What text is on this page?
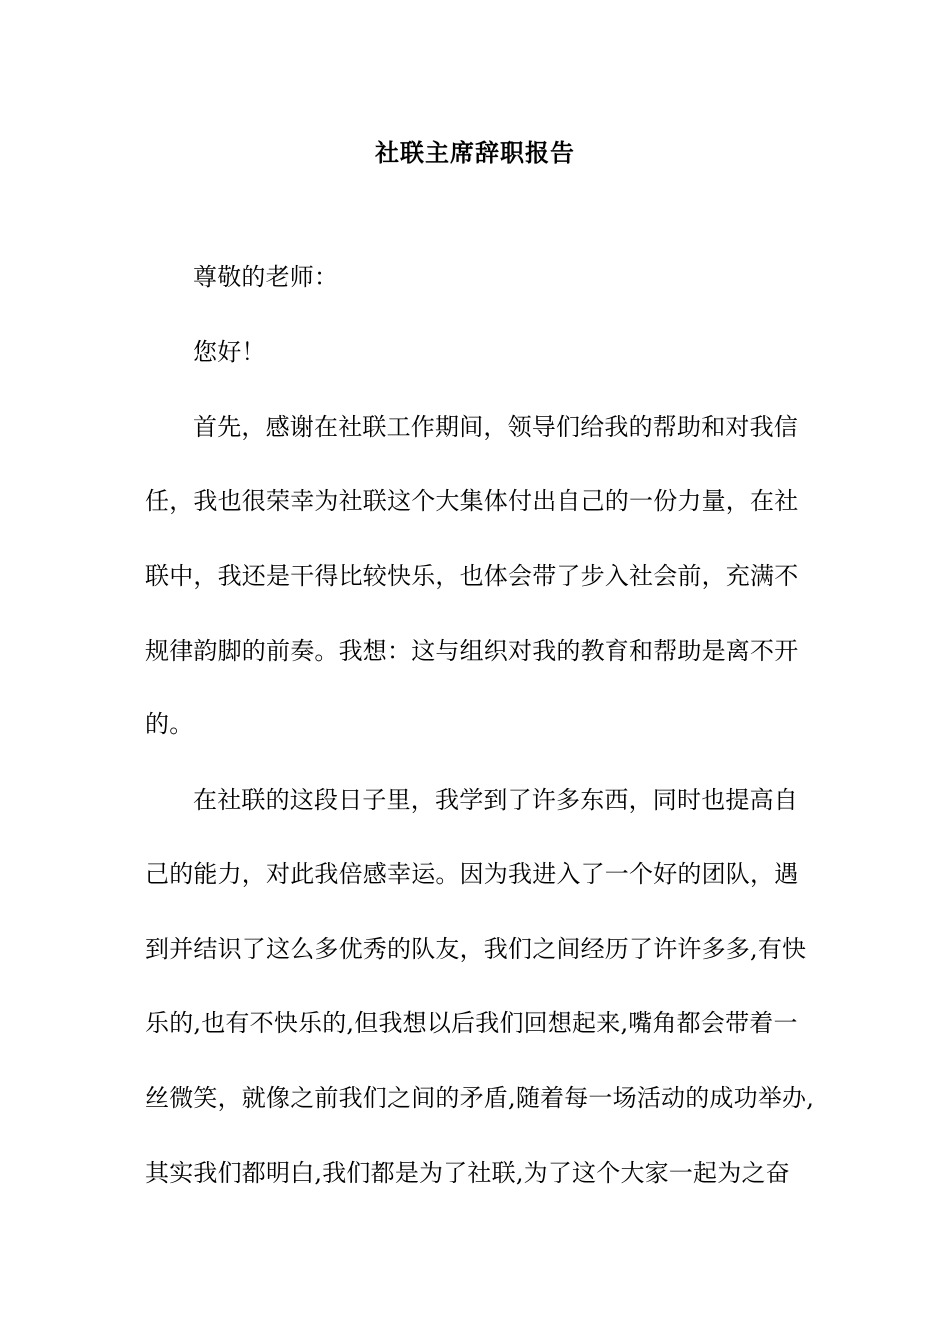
社联主席辞职报告
尊敬的老师：
您好！
首先，感谢在社联工作期间，领导们给我的帮助和对我信
任，我也很荣幸为社联这个大集体付出自己的一份力量，在社
联中，我还是干得比较快乐，也体会带了步入社会前，充满不
规律韵脚的前奏。我想：这与组织对我的教育和帮助是离不开
的。
在社联的这段日子里，我学到了许多东西，同时也提高自
己的能力，对此我倍感幸运。因为我进入了一个好的团队，遇
到并结识了这么多优秀的队友，我们之间经历了许许多多,有快
乐的,也有不快乐的,但我想以后我们回想起来,嘴角都会带着一
丝微笑，就像之前我们之间的矛盾,随着每一场活动的成功举办,
其实我们都明白,我们都是为了社联,为了这个大家一起为之奋
